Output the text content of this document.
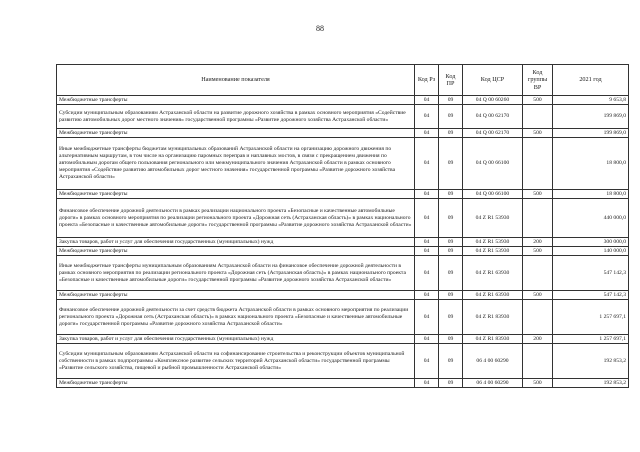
88
Наименование показателя	Код Рз	Код ПР	Код ЦСР	Код группы ВР	2021 год
Межбюджетные трансферты	04	09	04 Q 00 60260	500	9 653,8
Субсидии муниципальным образованиям Астраханской области на развитие дорожного хозяйства в рамках основного мероприятия «Содействие развитию автомобильных дорог местного значения» государственной программы «Развитие дорожного хозяйства Астраханской области»	04	09	04 Q 00 62170		199 869,0
Межбюджетные трансферты	04	09	04 Q 00 62170	500	199 869,0
Иные межбюджетные трансферты бюджетам муниципальных образований Астраханской области на организацию дорожного движения по альтернативным маршрутам, в том числе на организацию паромных переправ и наплавных мостов, в связи с прекращением движения по автомобильным дорогам общего пользования регионального или межмуниципального значения Астраханской области в рамках основного мероприятия «Содействие развитию автомобильных дорог местного значения» государственной программы «Развитие дорожного хозяйства Астраханской области»	04	09	04 Q 00 66100		18 800,0
Межбюджетные трансферты	04	09	04 Q 00 66100	500	18 800,0
Финансовое обеспечение дорожной деятельности в рамках реализации национального проекта «Безопасные и качественные автомобильные дороги» в рамках основного мероприятия по реализации регионального проекта «Дорожная сеть (Астраханская область)» в рамках национального проекта «Безопасные и качественные автомобильные дороги» государственной программы «Развитие дорожного хозяйства Астраханской области»	04	09	04 Z R1 53930		440 000,0
Закупка товаров, работ и услуг для обеспечения государственных (муниципальных) нужд	04	09	04 Z R1 53930	200	300 000,0
Межбюджетные трансферты	04	09	04 Z R1 53930	500	140 000,0
Иные межбюджетные трансферты муниципальным образованиям Астраханской области на финансовое обеспечение дорожной деятельности в рамках основного мероприятия по реализации регионального проекта «Дорожная сеть (Астраханская область)» в рамках национального проекта «Безопасные и качественные автомобильные дороги» государственной программы «Развитие дорожного хозяйства Астраханской области»	04	09	04 Z R1 63930		547 142,3
Межбюджетные трансферты	04	09	04 Z R1 63930	500	547 142,3
Финансовое обеспечение дорожной деятельности за счет средств бюджета Астраханской области в рамках основного мероприятия по реализации регионального проекта «Дорожная сеть (Астраханская область)» в рамках национального проекта «Безопасные и качественные автомобильные дороги» государственной программы «Развитие дорожного хозяйства Астраханской области»	04	09	04 Z R1 83930		1 257 697,1
Закупка товаров, работ и услуг для обеспечения государственных (муниципальных) нужд	04	09	04 Z R1 83930	200	1 257 697,1
Субсидии муниципальным образованиям Астраханской области на софинансирование строительства и реконструкции объектов муниципальной собственности в рамках подпрограммы «Комплексное развитие сельских территорий Астраханской области» государственной программы «Развитие сельского хозяйства, пищевой и рыбной промышленности Астраханской области»	04	09	06 4 00 60290		192 853,2
Межбюджетные трансферты	04	09	06 4 00 60290	500	192 853,2
